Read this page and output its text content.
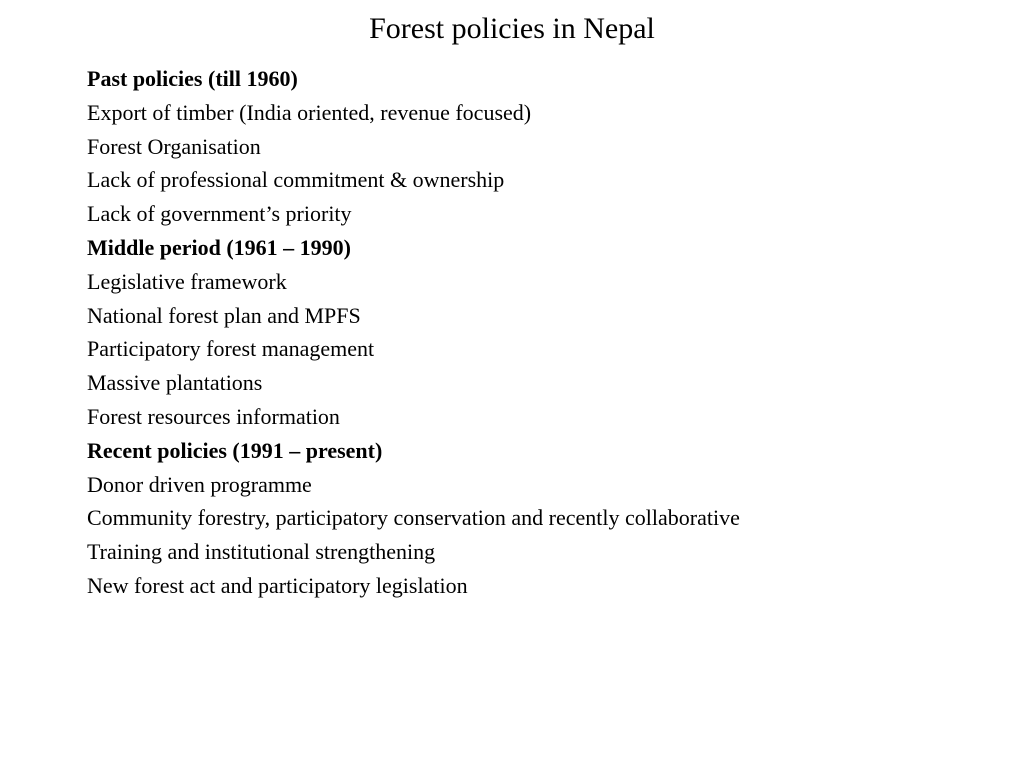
Forest policies in Nepal

Past policies (till 1960)

Export of timber (India oriented, revenue focused)

Forest Organisation

Lack of professional commitment & ownership

Lack of government’s priority

Middle period (1961 – 1990)

Legislative framework

National forest plan and MPFS

Participatory forest management

Massive plantations

Forest resources information

Recent policies (1991 – present)

Donor driven programme

Community forestry, participatory conservation and recently collaborative

Training and institutional strengthening

New forest act and participatory legislation
